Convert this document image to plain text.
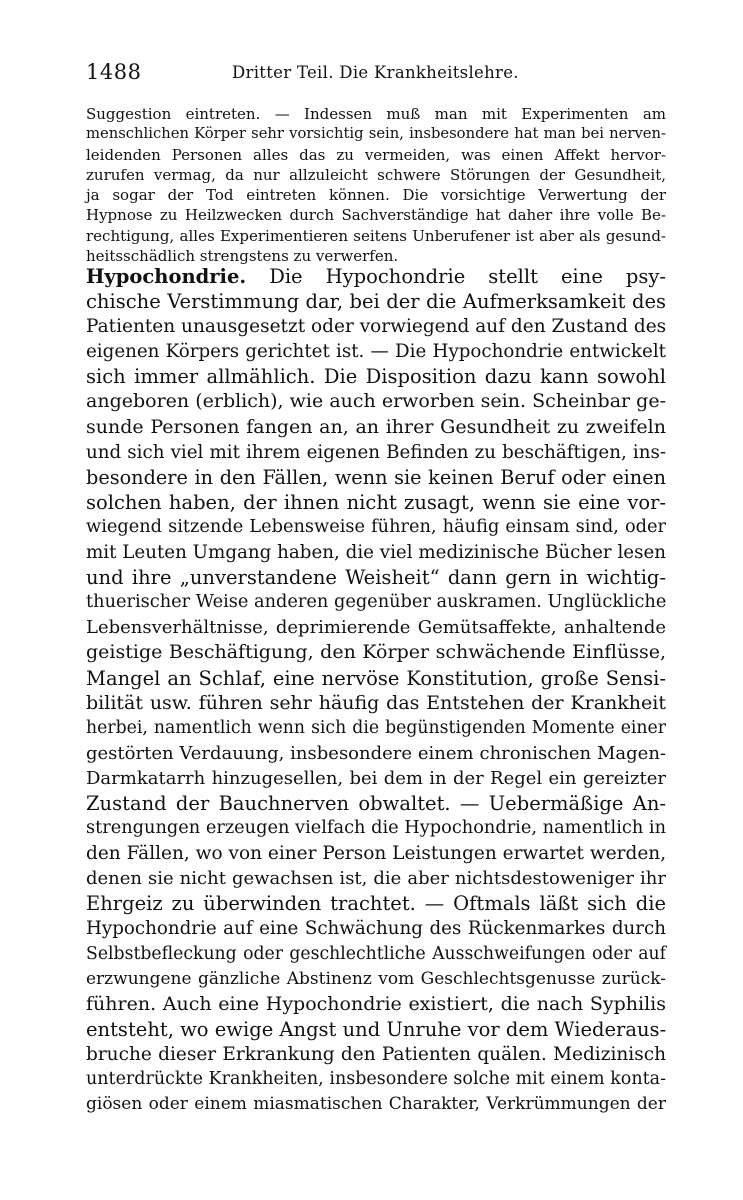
1488	Dritter Teil. Die Krankheitslehre.
Suggestion eintreten. — Indessen muß man mit Experimenten am
menschlichen Körper sehr vorsichtig sein, insbesondere hat man bei nerven-
leidenden Personen alles das zu vermeiden, was einen Affekt hervor-
zurufen vermag, da nur allzuleicht schwere Störungen der Gesundheit,
ja sogar der Tod eintreten können. Die vorsichtige Verwertung der
Hypnose zu Heilzwecken durch Sachverständige hat daher ihre volle Be-
rechtigung, alles Experimentieren seitens Unberufener ist aber als gesund-
heitsschädlich strengstens zu verwerfen.
Hypochondrie. Die Hypochondrie stellt eine psy-
chische Verstimmung dar, bei der die Aufmerksamkeit des
Patienten unausgesetzt oder vorwiegend auf den Zustand des
eigenen Körpers gerichtet ist. — Die Hypochondrie entwickelt
sich immer allmählich. Die Disposition dazu kann sowohl
angeboren (erblich), wie auch erworben sein. Scheinbar ge-
sunde Personen fangen an, an ihrer Gesundheit zu zweifeln
und sich viel mit ihrem eigenen Befinden zu beschäftigen, ins-
besondere in den Fällen, wenn sie keinen Beruf oder einen
solchen haben, der ihnen nicht zusagt, wenn sie eine vor-
wiegend sitzende Lebensweise führen, häufig einsam sind, oder
mit Leuten Umgang haben, die viel medizinische Bücher lesen
und ihre „unverstandene Weisheit“ dann gern in wichtig-
thuerischer Weise anderen gegenüber auskramen. Unglückliche
Lebensverhältnisse, deprimierende Gemütsaffekte, anhaltende
geistige Beschäftigung, den Körper schwächende Einflüsse,
Mangel an Schlaf, eine nervöse Konstitution, große Sensi-
bilität usw. führen sehr häufig das Entstehen der Krankheit
herbei, namentlich wenn sich die begünstigenden Momente einer
gestörten Verdauung, insbesondere einem chronischen Magen-
Darmkatarrh hinzugesellen, bei dem in der Regel ein gereizter
Zustand der Bauchnerven obwaltet. — Uebermäßige An-
strengungen erzeugen vielfach die Hypochondrie, namentlich in
den Fällen, wo von einer Person Leistungen erwartet werden,
denen sie nicht gewachsen ist, die aber nichtsdestoweniger ihr
Ehrgeiz zu überwinden trachtet. — Oftmals läßt sich die
Hypochondrie auf eine Schwächung des Rückenmarkes durch
Selbstbefleckung oder geschlechtliche Ausschweifungen oder auf
erzwungene gänzliche Abstinenz vom Geschlechtsgenusse zurück-
führen. Auch eine Hypochondrie existiert, die nach Syphilis
entsteht, wo ewige Angst und Unruhe vor dem Wiederaus-
bruche dieser Erkrankung den Patienten quälen. Medizinisch
unterdrückte Krankheiten, insbesondere solche mit einem konta-
giösen oder einem miasmatischen Charakter, Verkrümmungen der
